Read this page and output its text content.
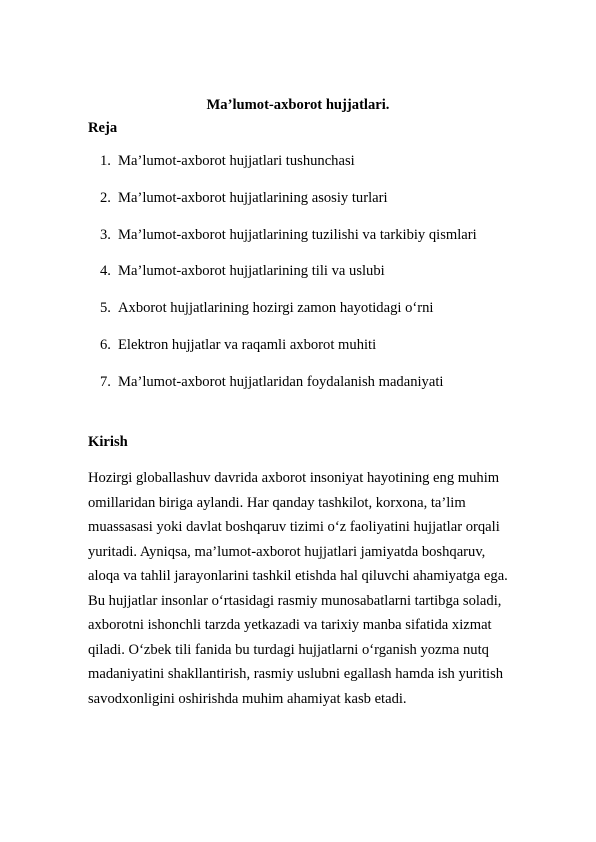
Ma’lumot-axborot hujjatlari.
Reja
1. Ma’lumot-axborot hujjatlari tushunchasi
2. Ma’lumot-axborot hujjatlarining asosiy turlari
3. Ma’lumot-axborot hujjatlarining tuzilishi va tarkibiy qismlari
4. Ma’lumot-axborot hujjatlarining tili va uslubi
5. Axborot hujjatlarining hozirgi zamon hayotidagi o‘rni
6. Elektron hujjatlar va raqamli axborot muhiti
7. Ma’lumot-axborot hujjatlaridan foydalanish madaniyati
Kirish

Hozirgi globallashuv davrida axborot insoniyat hayotining eng muhim
omillaridan biriga aylandi. Har qanday tashkilot, korxona, ta’lim
muassasasi yoki davlat boshqaruv tizimi o‘z faoliyatini hujjatlar orqali
yuritadi. Ayniqsa, ma’lumot-axborot hujjatlari jamiyatda boshqaruv,
aloqa va tahlil jarayonlarini tashkil etishda hal qiluvchi ahamiyatga ega.
Bu hujjatlar insonlar o‘rtasidagi rasmiy munosabatlarni tartibga soladi,
axborotni ishonchli tarzda yetkazadi va tarixiy manba sifatida xizmat
qiladi. O‘zbek tili fanida bu turdagi hujjatlarni o‘rganish yozma nutq
madaniyatini shakllantirish, rasmiy uslubni egallash hamda ish yuritish
savodxonligini oshirishda muhim ahamiyat kasb etadi.
